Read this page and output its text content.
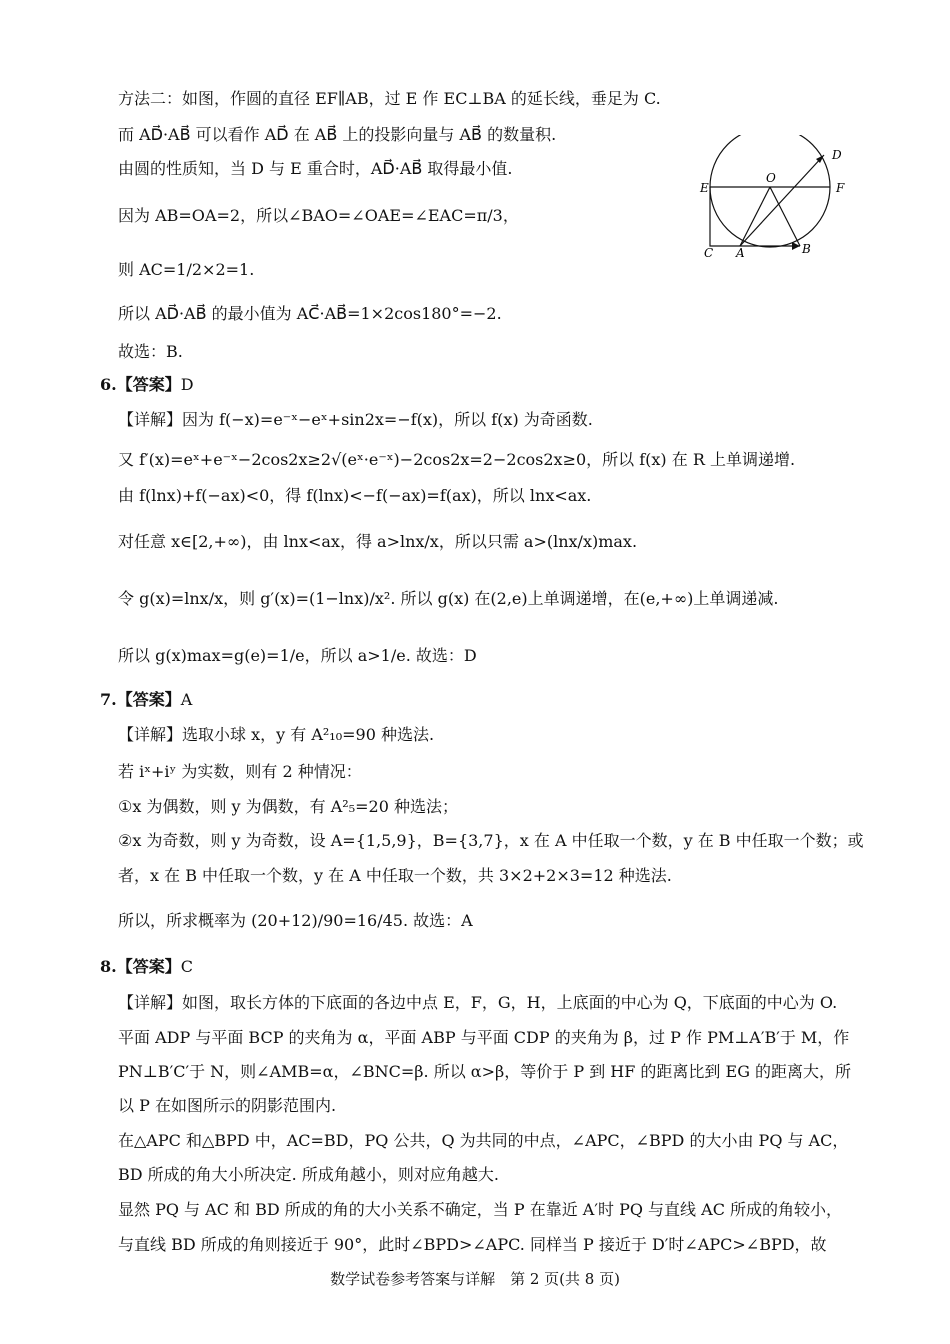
方法二：如图，作圆的直径 EF∥AB，过 E 作 EC⊥BA 的延长线，垂足为 C.
而 AD⃗·AB⃗ 可以看作 AD⃗ 在 AB⃗ 上的投影向量与 AB⃗ 的数量积.
由圆的性质知，当 D 与 E 重合时，AD⃗·AB⃗ 取得最小值.
因为 AB=OA=2，所以∠BAO=∠OAE=∠EAC=π/3，
则 AC=1/2×2=1.
所以 AD⃗·AB⃗ 的最小值为 AC⃗·AB⃗=1×2cos180°=−2.
故选：B.
D
E
O
F
C A	B
6.【答案】D
【详解】因为 f(−x)=e⁻ˣ−eˣ+sin2x=−f(x)，所以 f(x) 为奇函数.
又 f′(x)=eˣ+e⁻ˣ−2cos2x≥2√(eˣ·e⁻ˣ)−2cos2x=2−2cos2x≥0，所以 f(x) 在 R 上单调递增.
由 f(lnx)+f(−ax)<0，得 f(lnx)<−f(−ax)=f(ax)，所以 lnx<ax.
对任意 x∈[2,+∞)，由 lnx<ax，得 a>lnx/x，所以只需 a>(lnx/x)max.
令 g(x)=lnx/x，则 g′(x)=(1−lnx)/x². 所以 g(x) 在(2,e)上单调递增，在(e,+∞)上单调递减.
所以 g(x)max=g(e)=1/e，所以 a>1/e. 故选：D
7.【答案】A
【详解】选取小球 x，y 有 A²₁₀=90 种选法.
若 iˣ+iʸ 为实数，则有 2 种情况：
①x 为偶数，则 y 为偶数，有 A²₅=20 种选法；
②x 为奇数，则 y 为奇数，设 A={1,5,9}，B={3,7}，x 在 A 中任取一个数，y 在 B 中任取一个数；或
者，x 在 B 中任取一个数，y 在 A 中任取一个数，共 3×2+2×3=12 种选法.
所以，所求概率为 (20+12)/90=16/45. 故选：A
8.【答案】C
【详解】如图，取长方体的下底面的各边中点 E，F，G，H，上底面的中心为 Q，下底面的中心为 O.
平面 ADP 与平面 BCP 的夹角为 α，平面 ABP 与平面 CDP 的夹角为 β，过 P 作 PM⊥A′B′于 M，作
PN⊥B′C′于 N，则∠AMB=α，∠BNC=β. 所以 α>β，等价于 P 到 HF 的距离比到 EG 的距离大，所
以 P 在如图所示的阴影范围内.
在△APC 和△BPD 中，AC=BD，PQ 公共，Q 为共同的中点，∠APC，∠BPD 的大小由 PQ 与 AC，
BD 所成的角大小所决定. 所成角越小，则对应角越大.
显然 PQ 与 AC 和 BD 所成的角的大小关系不确定，当 P 在靠近 A′时 PQ 与直线 AC 所成的角较小，
与直线 BD 所成的角则接近于 90°，此时∠BPD>∠APC. 同样当 P 接近于 D′时∠APC>∠BPD，故
数学试卷参考答案与详解　第 2 页(共 8 页)
